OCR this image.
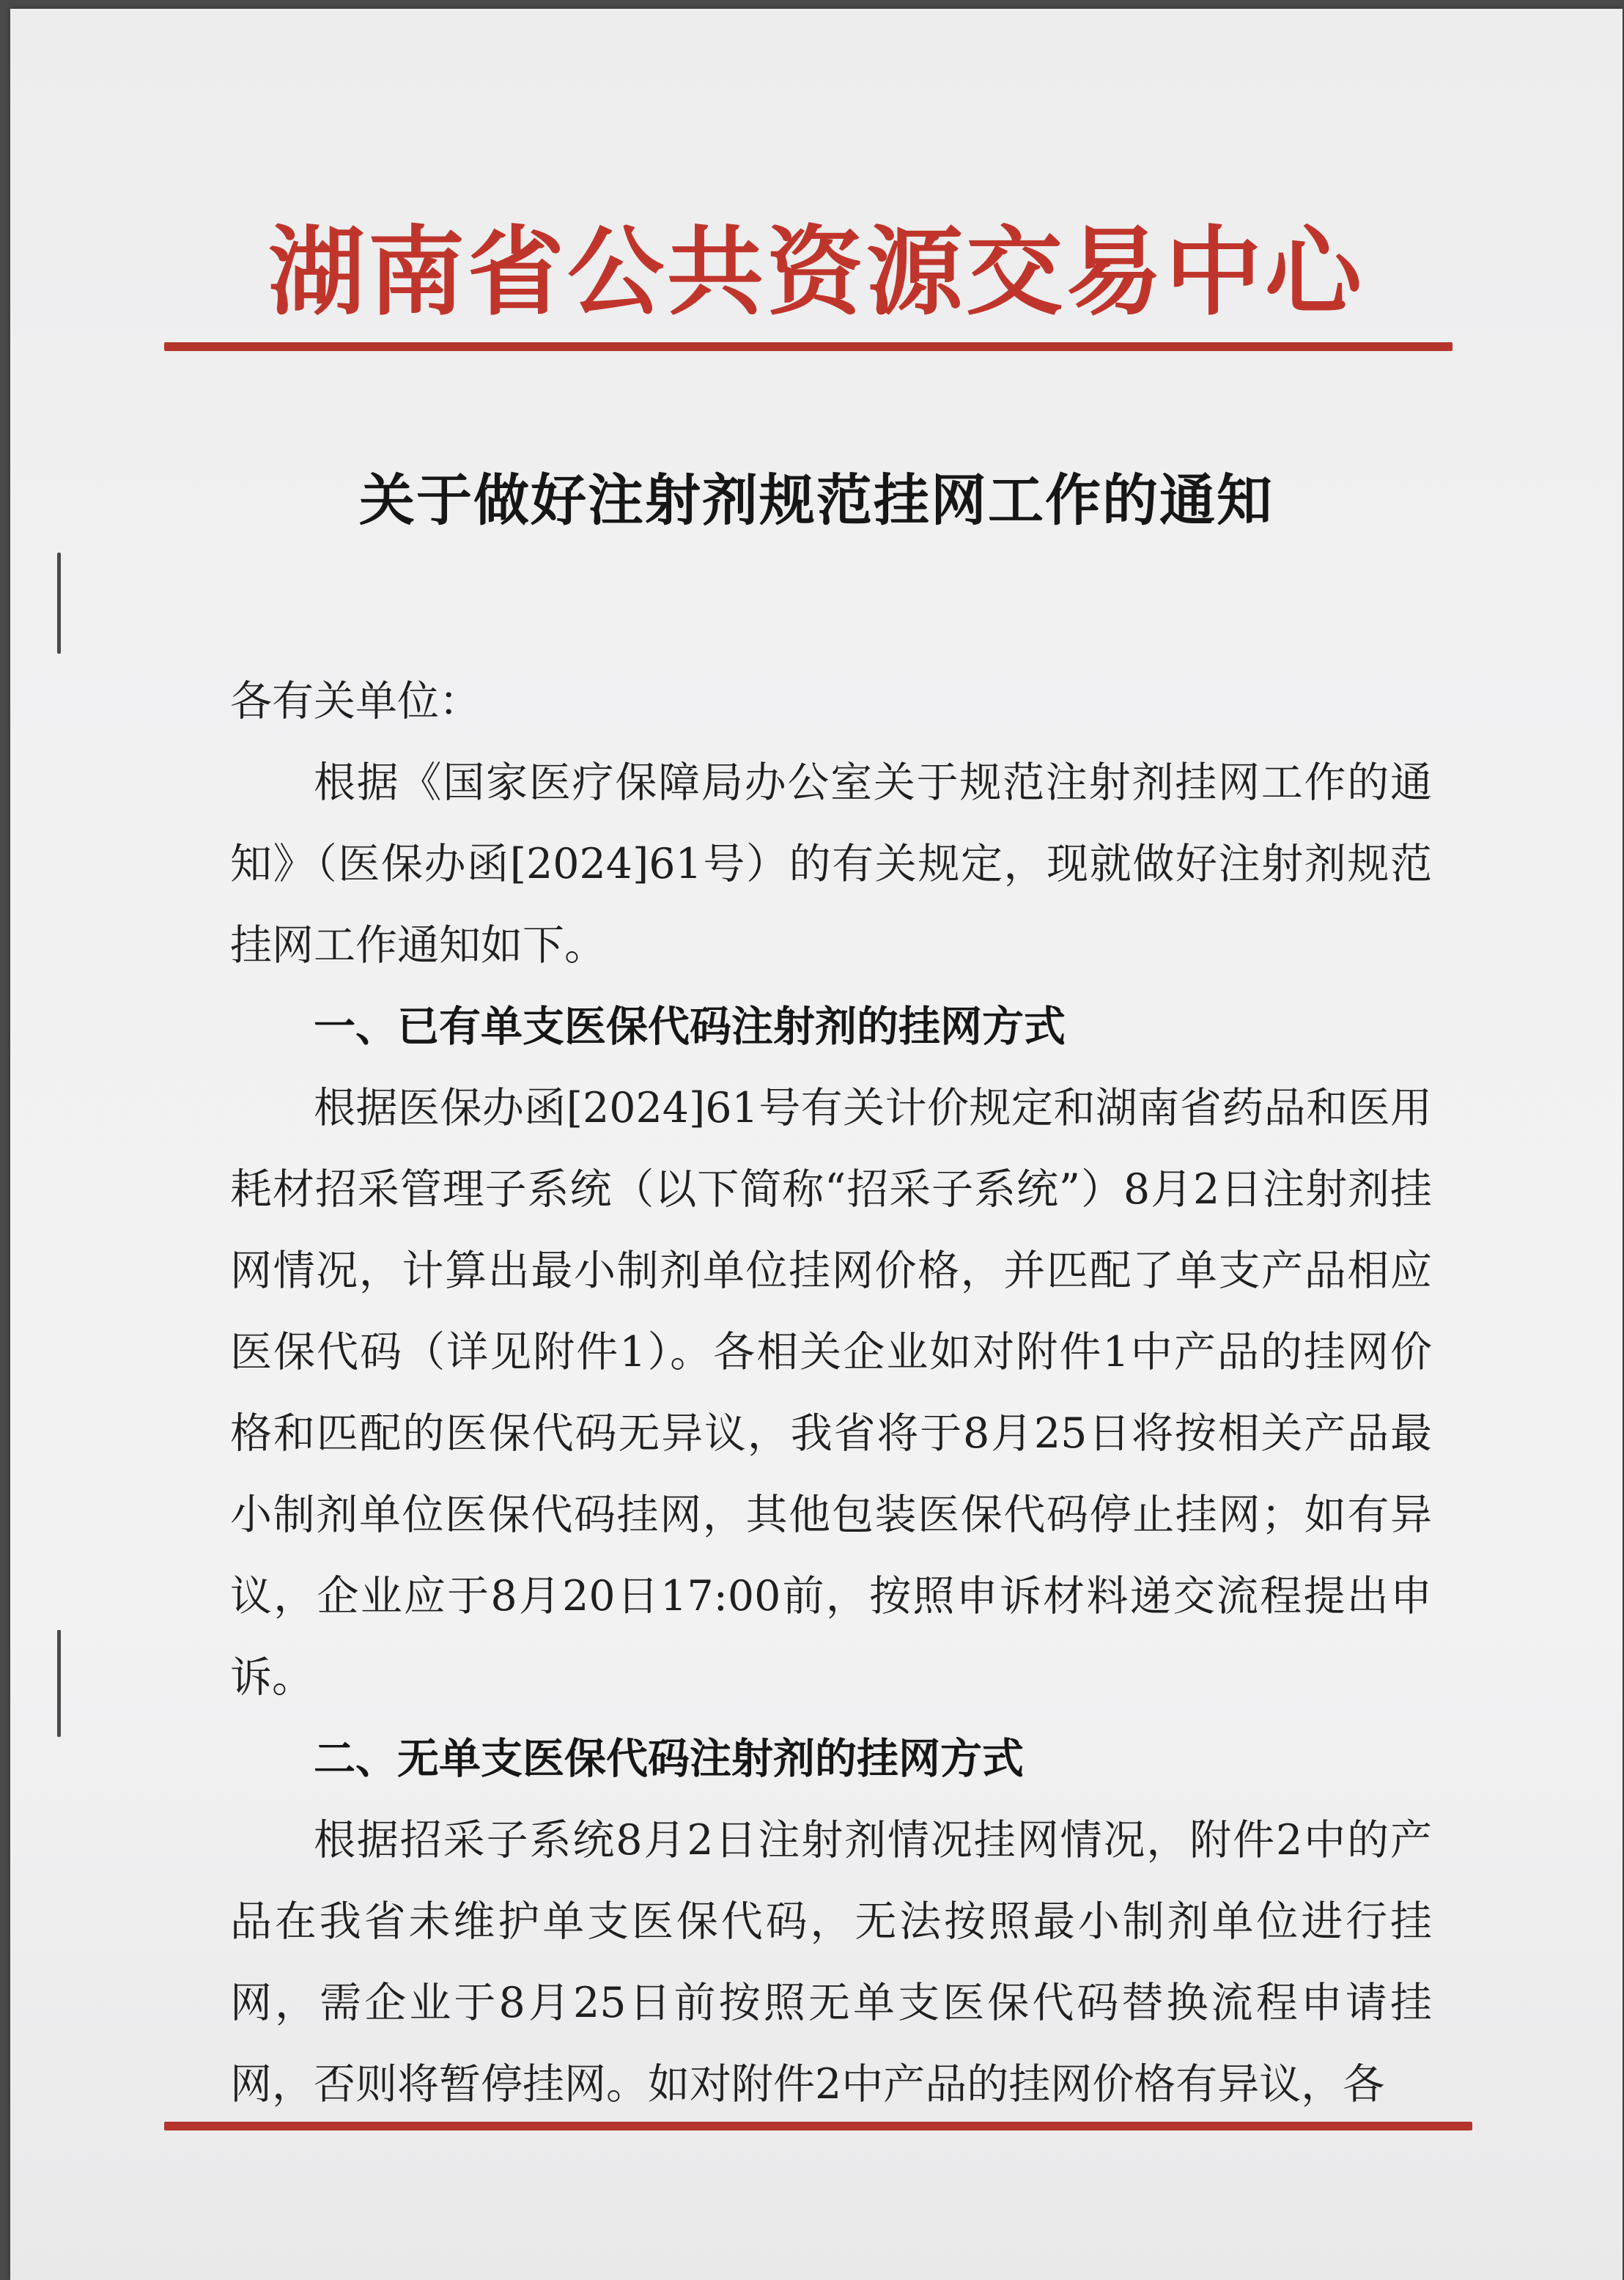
湖南省公共资源交易中心
关于做好注射剂规范挂网工作的通知

各有关单位：

根据《国家医疗保障局办公室关于规范注射剂挂网工作的通知》（医保办函[2024]61号）的有关规定，现就做好注射剂规范挂网工作通知如下。

一、已有单支医保代码注射剂的挂网方式

根据医保办函[2024]61号有关计价规定和湖南省药品和医用耗材招采管理子系统（以下简称“招采子系统”）8月2日注射剂挂网情况，计算出最小制剂单位挂网价格，并匹配了单支产品相应医保代码（详见附件1）。各相关企业如对附件1中产品的挂网价格和匹配的医保代码无异议，我省将于8月25日将按相关产品最小制剂单位医保代码挂网，其他包装医保代码停止挂网；如有异议，企业应于8月20日17:00前，按照申诉材料递交流程提出申诉。

二、无单支医保代码注射剂的挂网方式

根据招采子系统8月2日注射剂情况挂网情况，附件2中的产品在我省未维护单支医保代码，无法按照最小制剂单位进行挂网，需企业于8月25日前按照无单支医保代码替换流程申请挂网，否则将暂停挂网。如对附件2中产品的挂网价格有异议，各
